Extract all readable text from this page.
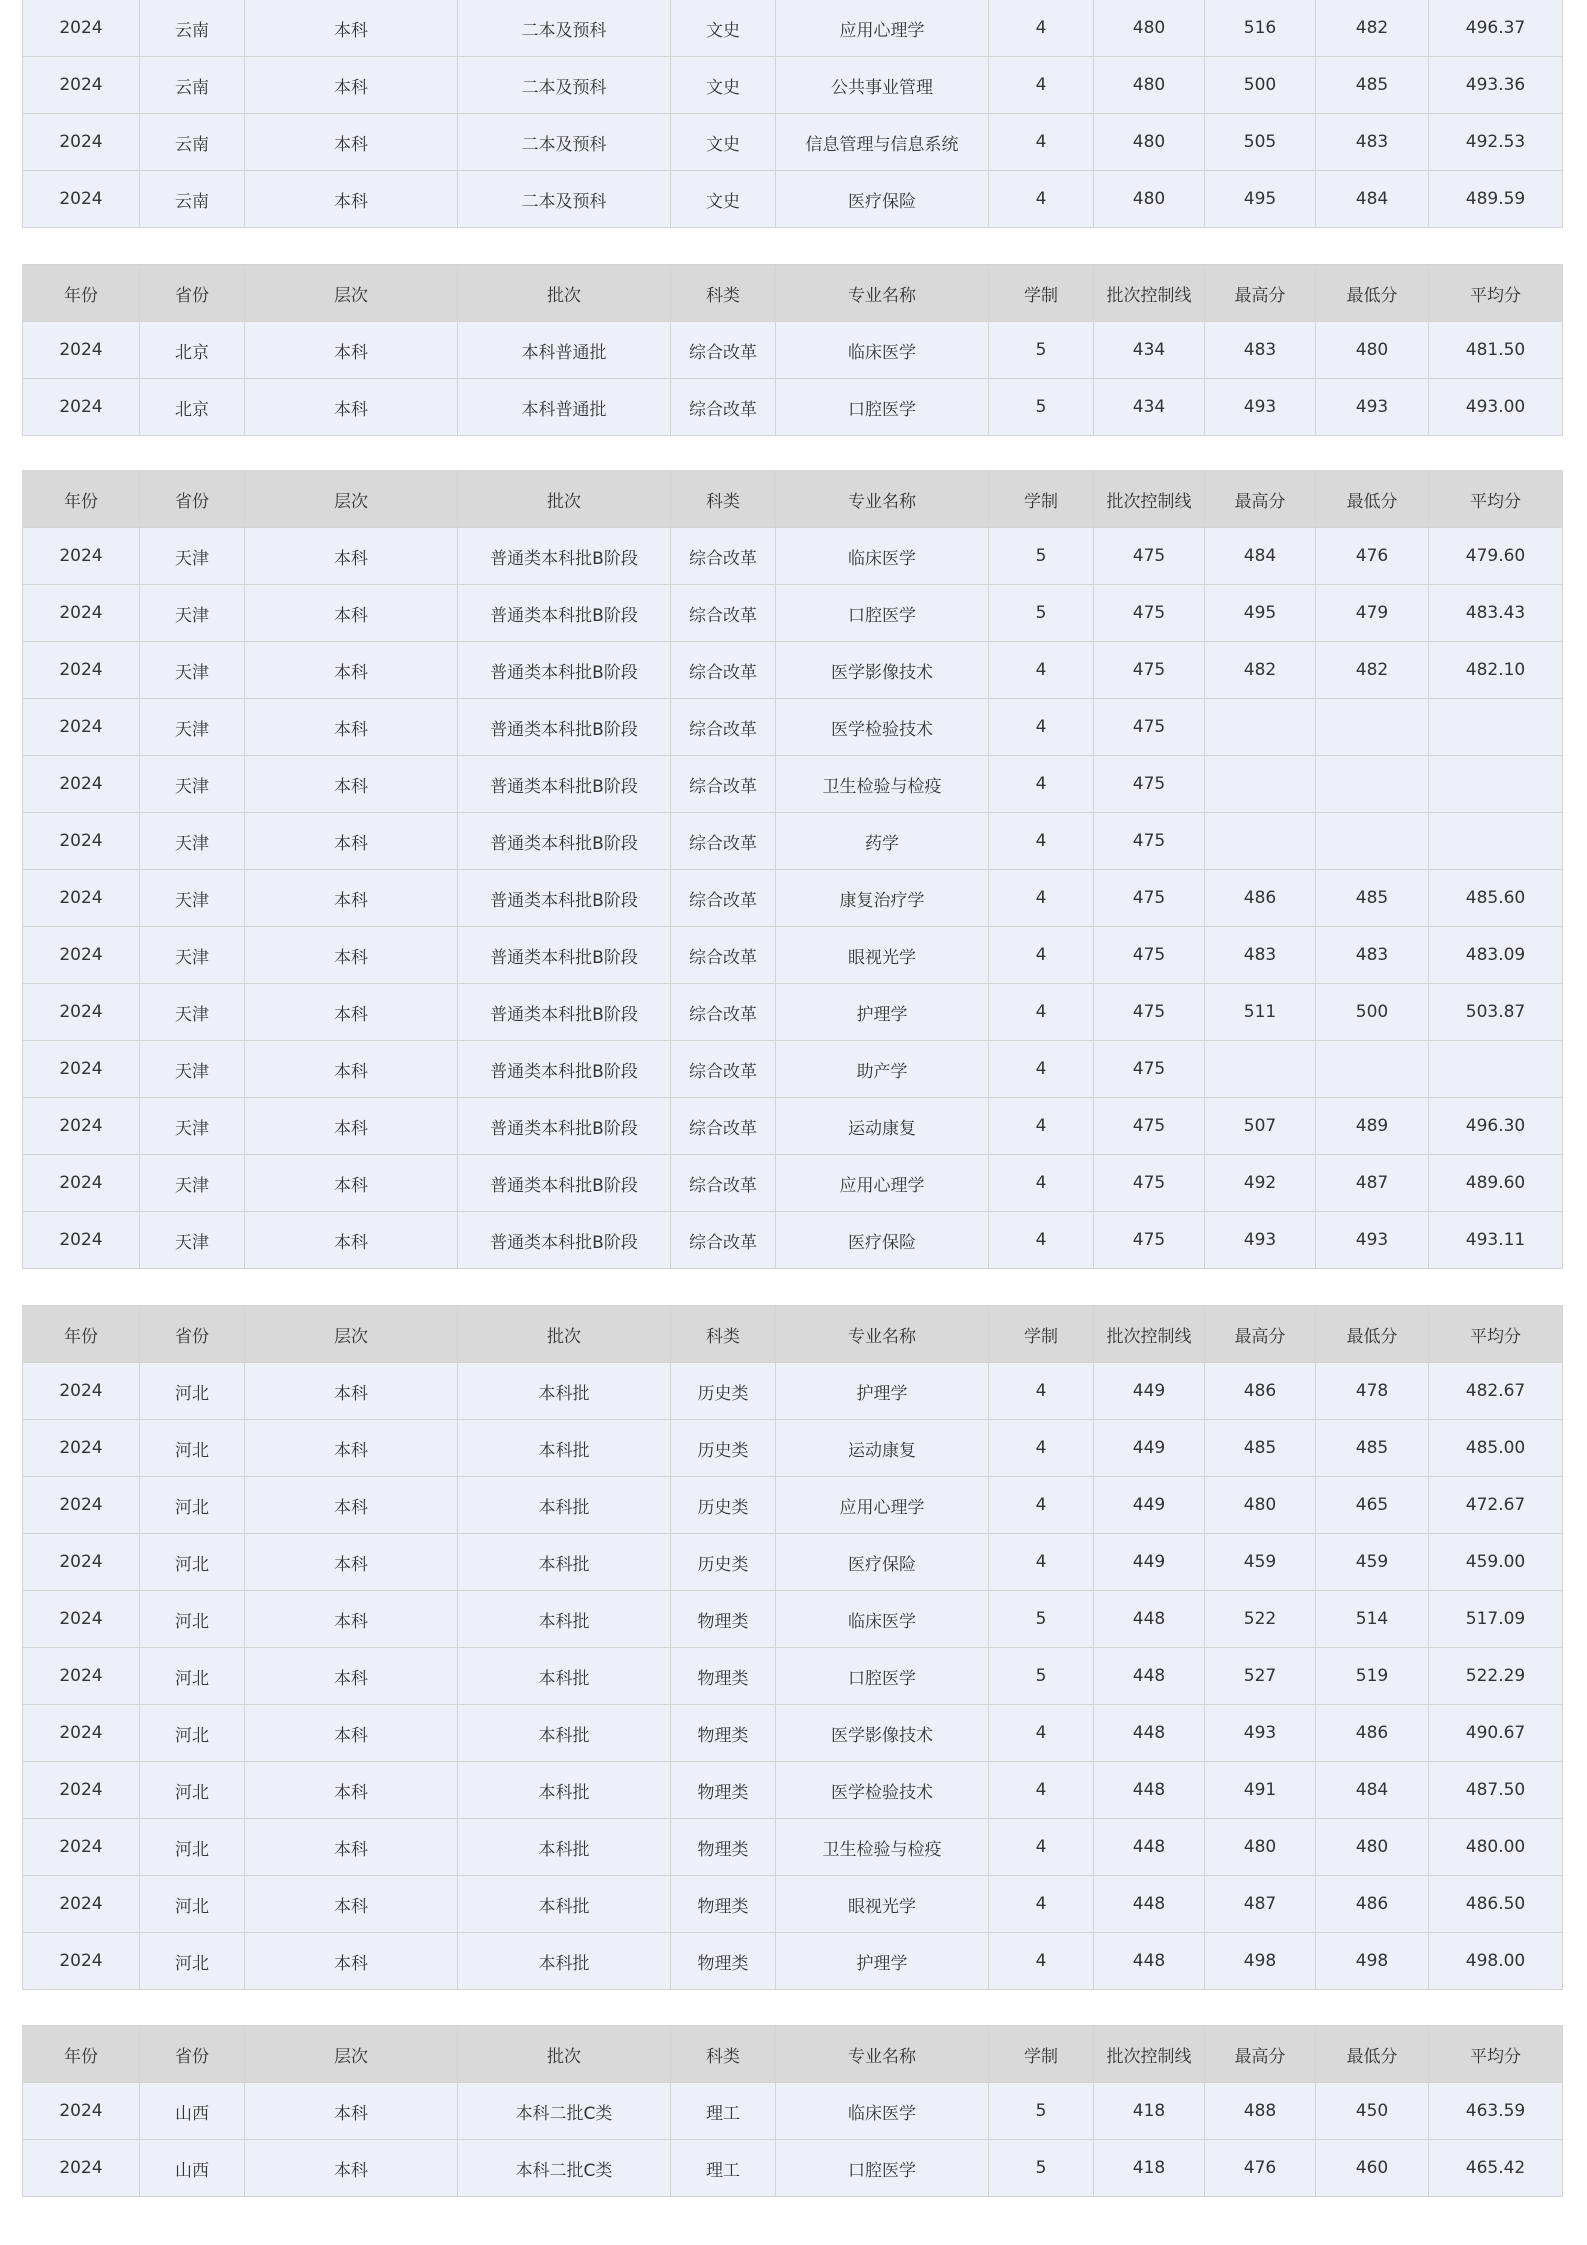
2024	云南	本科	二本及预科	文史	应用心理学	4	480	516	482	496.37
2024	云南	本科	二本及预科	文史	公共事业管理	4	480	500	485	493.36
2024	云南	本科	二本及预科	文史	信息管理与信息系统	4	480	505	483	492.53
2024	云南	本科	二本及预科	文史	医疗保险	4	480	495	484	489.59
年份	省份	层次	批次	科类	专业名称	学制	批次控制线	最高分	最低分	平均分
2024	北京	本科	本科普通批	综合改革	临床医学	5	434	483	480	481.50
2024	北京	本科	本科普通批	综合改革	口腔医学	5	434	493	493	493.00
年份	省份	层次	批次	科类	专业名称	学制	批次控制线	最高分	最低分	平均分
2024	天津	本科	普通类本科批B阶段	综合改革	临床医学	5	475	484	476	479.60
2024	天津	本科	普通类本科批B阶段	综合改革	口腔医学	5	475	495	479	483.43
2024	天津	本科	普通类本科批B阶段	综合改革	医学影像技术	4	475	482	482	482.10
2024	天津	本科	普通类本科批B阶段	综合改革	医学检验技术	4	475			
2024	天津	本科	普通类本科批B阶段	综合改革	卫生检验与检疫	4	475			
2024	天津	本科	普通类本科批B阶段	综合改革	药学	4	475			
2024	天津	本科	普通类本科批B阶段	综合改革	康复治疗学	4	475	486	485	485.60
2024	天津	本科	普通类本科批B阶段	综合改革	眼视光学	4	475	483	483	483.09
2024	天津	本科	普通类本科批B阶段	综合改革	护理学	4	475	511	500	503.87
2024	天津	本科	普通类本科批B阶段	综合改革	助产学	4	475			
2024	天津	本科	普通类本科批B阶段	综合改革	运动康复	4	475	507	489	496.30
2024	天津	本科	普通类本科批B阶段	综合改革	应用心理学	4	475	492	487	489.60
2024	天津	本科	普通类本科批B阶段	综合改革	医疗保险	4	475	493	493	493.11
年份	省份	层次	批次	科类	专业名称	学制	批次控制线	最高分	最低分	平均分
2024	河北	本科	本科批	历史类	护理学	4	449	486	478	482.67
2024	河北	本科	本科批	历史类	运动康复	4	449	485	485	485.00
2024	河北	本科	本科批	历史类	应用心理学	4	449	480	465	472.67
2024	河北	本科	本科批	历史类	医疗保险	4	449	459	459	459.00
2024	河北	本科	本科批	物理类	临床医学	5	448	522	514	517.09
2024	河北	本科	本科批	物理类	口腔医学	5	448	527	519	522.29
2024	河北	本科	本科批	物理类	医学影像技术	4	448	493	486	490.67
2024	河北	本科	本科批	物理类	医学检验技术	4	448	491	484	487.50
2024	河北	本科	本科批	物理类	卫生检验与检疫	4	448	480	480	480.00
2024	河北	本科	本科批	物理类	眼视光学	4	448	487	486	486.50
2024	河北	本科	本科批	物理类	护理学	4	448	498	498	498.00
年份	省份	层次	批次	科类	专业名称	学制	批次控制线	最高分	最低分	平均分
2024	山西	本科	本科二批C类	理工	临床医学	5	418	488	450	463.59
2024	山西	本科	本科二批C类	理工	口腔医学	5	418	476	460	465.42
